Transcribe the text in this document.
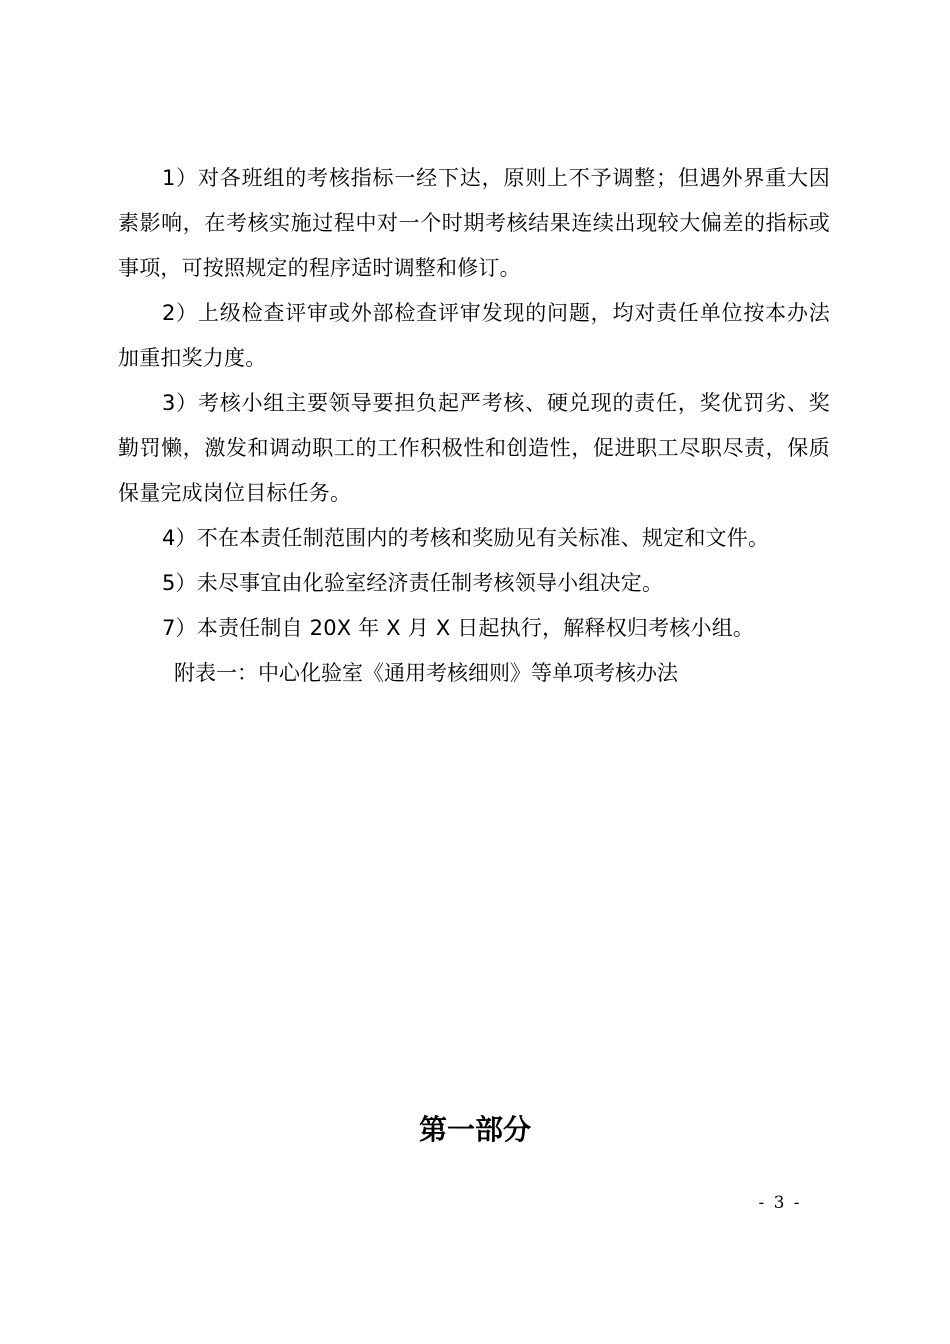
1）对各班组的考核指标一经下达，原则上不予调整；但遇外界重大因素影响，在考核实施过程中对一个时期考核结果连续出现较大偏差的指标或事项，可按照规定的程序适时调整和修订。

2）上级检查评审或外部检查评审发现的问题，均对责任单位按本办法加重扣奖力度。

3）考核小组主要领导要担负起严考核、硬兑现的责任，奖优罚劣、奖勤罚懒，激发和调动职工的工作积极性和创造性，促进职工尽职尽责，保质保量完成岗位目标任务。

4）不在本责任制范围内的考核和奖励见有关标准、规定和文件。

5）未尽事宜由化验室经济责任制考核领导小组决定。

7）本责任制自 20X 年 X 月 X 日起执行，解释权归考核小组。

附表一：中心化验室《通用考核细则》等单项考核办法

第一部分
- 3 -
